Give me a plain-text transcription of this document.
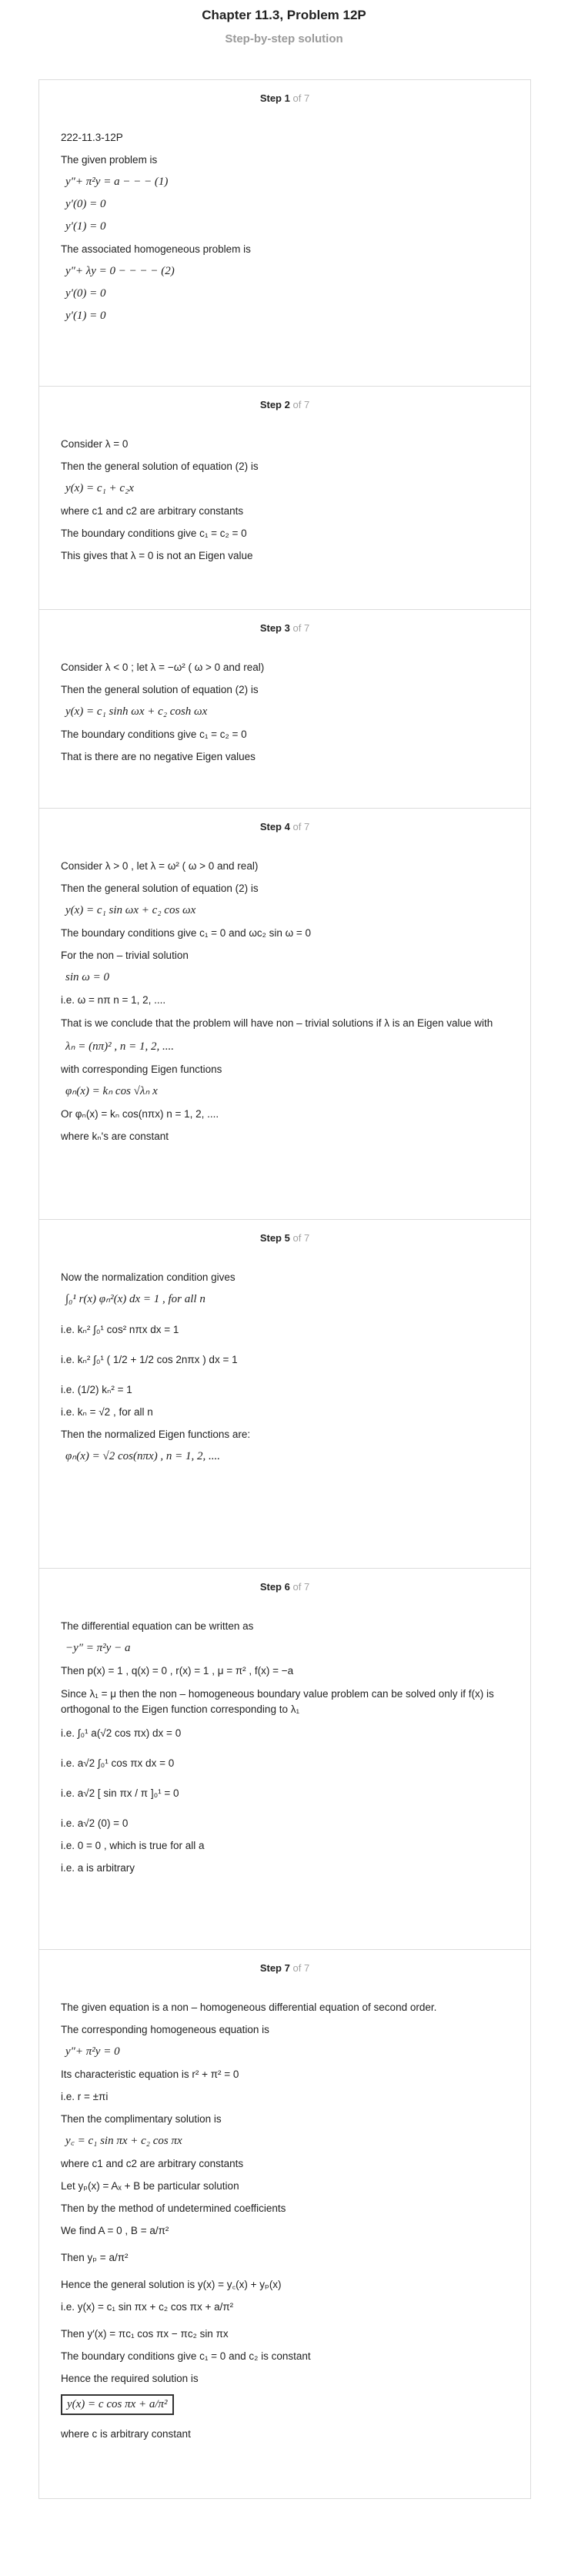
Chapter 11.3, Problem 12P
Step-by-step solution
Step 1 of 7

222-11.3-12P

The given problem is

y″+ π²y = a − − − (1)

y′(0) = 0

y′(1) = 0

The associated homogeneous problem is

y″+ λy = 0 − − − − (2)

y′(0) = 0

y′(1) = 0

Step 2 of 7

Consider λ = 0

Then the general solution of equation (2) is

y(x) = c₁ + c₂x

where c1 and c2 are arbitrary constants

The boundary conditions give c₁ = c₂ = 0

This gives that λ = 0 is not an Eigen value

Step 3 of 7

Consider λ < 0 ; let λ = −ω² ( ω > 0 and real)

Then the general solution of equation (2) is

y(x) = c₁ sinh ωx + c₂ cosh ωx

The boundary conditions give c₁ = c₂ = 0

That is there are no negative Eigen values

Step 4 of 7

Consider λ > 0 , let λ = ω² ( ω > 0 and real)

Then the general solution of equation (2) is

y(x) = c₁ sin ωx + c₂ cos ωx

The boundary conditions give c₁ = 0 and ωc₂ sin ω = 0

For the non – trivial solution

sin ω = 0

i.e. ω = nπ n = 1, 2, ....

That is we conclude that the problem will have non – trivial solutions if λ is an Eigen value with

λₙ = (nπ)² , n = 1, 2, ....

with corresponding Eigen functions

φₙ(x) = kₙ cos √λₙ x

Or φₙ(x) = kₙ cos(nπx) n = 1, 2, ....

where kₙ's are constant

Step 5 of 7

Now the normalization condition gives

∫₀¹ r(x) φₙ²(x) dx = 1 , for all n

i.e. kₙ² ∫₀¹ cos² nπx dx = 1

i.e. kₙ² ∫₀¹ ( 1/2 + 1/2 cos 2nπx ) dx = 1

i.e. (1/2) kₙ² = 1

i.e. kₙ = √2 , for all n

Then the normalized Eigen functions are:

φₙ(x) = √2 cos(nπx) , n = 1, 2, ....

Step 6 of 7

The differential equation can be written as

−y″ = π²y − a

Then p(x) = 1 , q(x) = 0 , r(x) = 1 , μ = π² , f(x) = −a

Since λ₁ = μ then the non – homogeneous boundary value problem can be solved only if f(x) is orthogonal to the Eigen function corresponding to λ₁

i.e. ∫₀¹ a(√2 cos πx) dx = 0

i.e. a√2 ∫₀¹ cos πx dx = 0

i.e. a√2 [ sin πx / π ]₀¹ = 0

i.e. a√2 (0) = 0

i.e. 0 = 0 , which is true for all a

i.e. a is arbitrary

Step 7 of 7

The given equation is a non – homogeneous differential equation of second order.

The corresponding homogeneous equation is

y″+ π²y = 0

Its characteristic equation is r² + π² = 0

i.e. r = ±πi

Then the complimentary solution is

y꜀ = c₁ sin πx + c₂ cos πx

where c1 and c2 are arbitrary constants

Let yₚ(x) = Aₓ + B be particular solution

Then by the method of undetermined coefficients

We find A = 0 , B = a/π²

Then yₚ = a/π²

Hence the general solution is y(x) = y꜀(x) + yₚ(x)

i.e. y(x) = c₁ sin πx + c₂ cos πx + a/π²

Then y′(x) = πc₁ cos πx − πc₂ sin πx

The boundary conditions give c₁ = 0 and c₂ is constant

Hence the required solution is

y(x) = c cos πx + a/π²

where c is arbitrary constant
